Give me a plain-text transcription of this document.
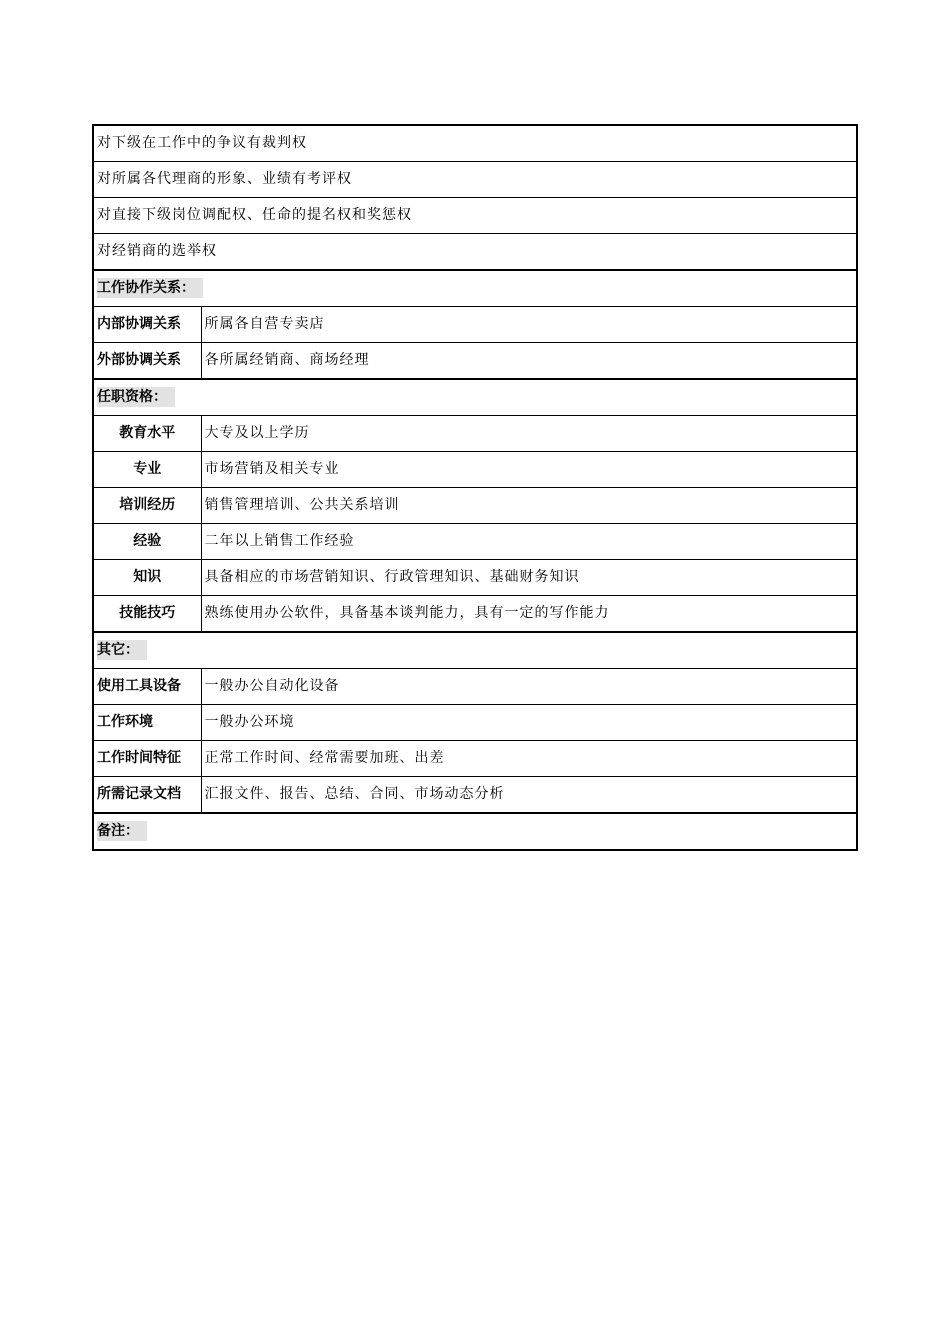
对下级在工作中的争议有裁判权	
对所属各代理商的形象、业绩有考评权	
对直接下级岗位调配权、任命的提名权和奖惩权	
对经销商的选举权	
工作协作关系：	
内部协调关系	所属各自营专卖店
外部协调关系	各所属经销商、商场经理
任职资格：	
教育水平	大专及以上学历
专业	市场营销及相关专业
培训经历	销售管理培训、公共关系培训
经验	二年以上销售工作经验
知识	具备相应的市场营销知识、行政管理知识、基础财务知识
技能技巧	熟练使用办公软件，具备基本谈判能力，具有一定的写作能力
其它：	
使用工具设备	一般办公自动化设备
工作环境	一般办公环境
工作时间特征	正常工作时间、经常需要加班、出差
所需记录文档	汇报文件、报告、总结、合同、市场动态分析
备注：	
